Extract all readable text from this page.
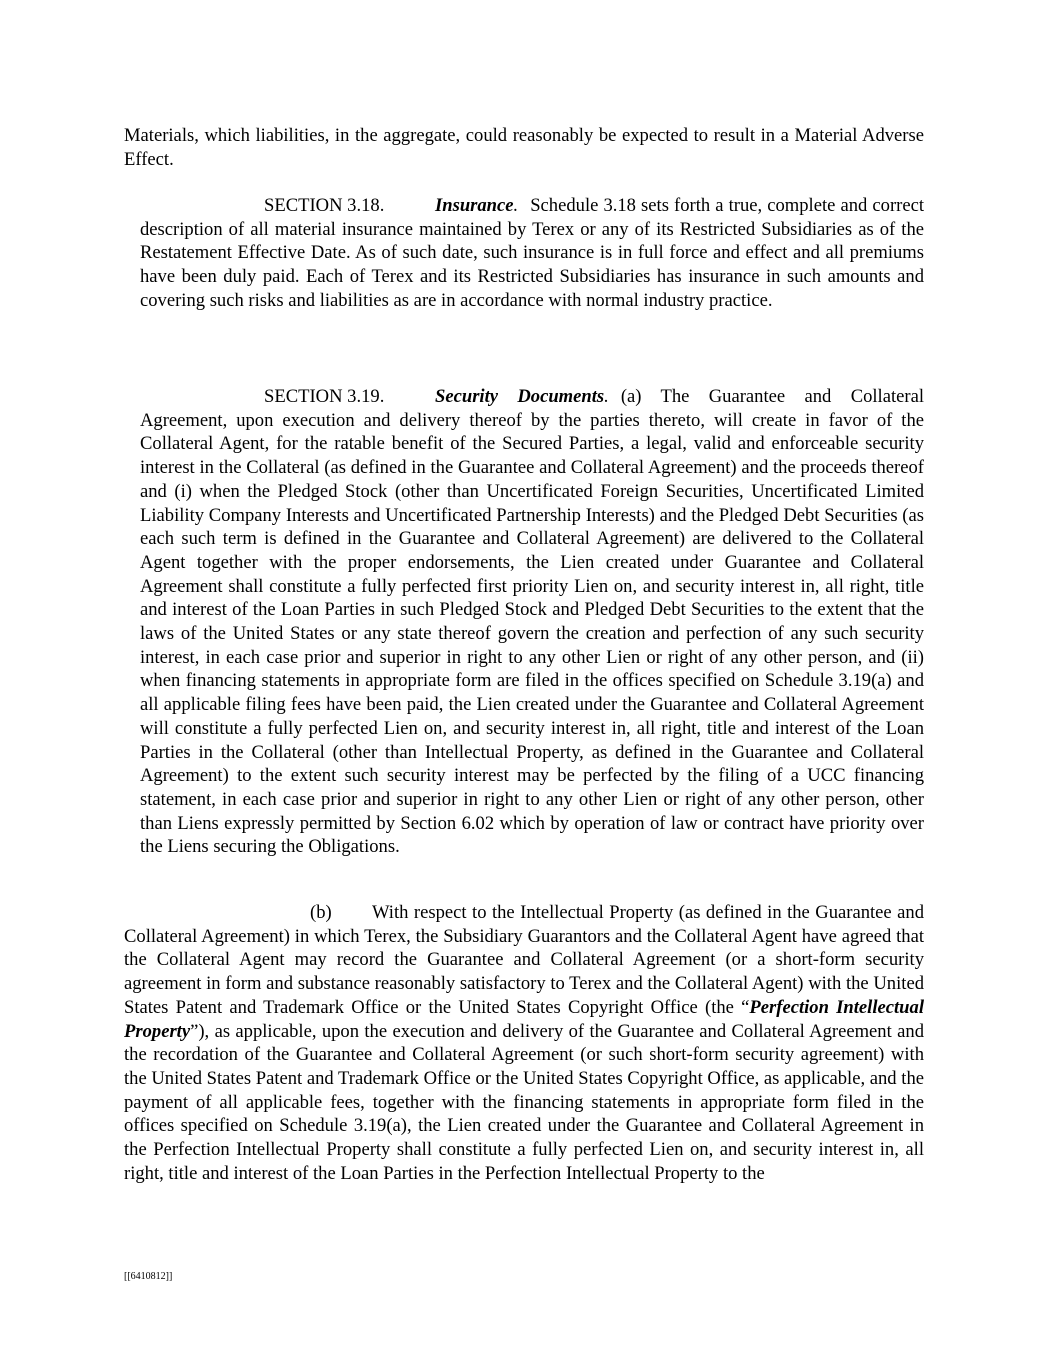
Materials, which liabilities, in the aggregate, could reasonably be expected to result in a Material Adverse Effect.

SECTION 3.18.	Insurance. Schedule 3.18 sets forth a true, complete and correct description of all material insurance maintained by Terex or any of its Restricted Subsidiaries as of the Restatement Effective Date. As of such date, such insurance is in full force and effect and all premiums have been duly paid. Each of Terex and its Restricted Subsidiaries has insurance in such amounts and covering such risks and liabilities as are in accordance with normal industry practice.

SECTION 3.19.	Security Documents. (a) The Guarantee and Collateral Agreement, upon execution and delivery thereof by the parties thereto, will create in favor of the Collateral Agent, for the ratable benefit of the Secured Parties, a legal, valid and enforceable security interest in the Collateral (as defined in the Guarantee and Collateral Agreement) and the proceeds thereof and (i) when the Pledged Stock (other than Uncertificated Foreign Securities, Uncertificated Limited Liability Company Interests and Uncertificated Partnership Interests) and the Pledged Debt Securities (as each such term is defined in the Guarantee and Collateral Agreement) are delivered to the Collateral Agent together with the proper endorsements, the Lien created under Guarantee and Collateral Agreement shall constitute a fully perfected first priority Lien on, and security interest in, all right, title and interest of the Loan Parties in such Pledged Stock and Pledged Debt Securities to the extent that the laws of the United States or any state thereof govern the creation and perfection of any such security interest, in each case prior and superior in right to any other Lien or right of any other person, and (ii) when financing statements in appropriate form are filed in the offices specified on Schedule 3.19(a) and all applicable filing fees have been paid, the Lien created under the Guarantee and Collateral Agreement will constitute a fully perfected Lien on, and security interest in, all right, title and interest of the Loan Parties in the Collateral (other than Intellectual Property, as defined in the Guarantee and Collateral Agreement) to the extent such security interest may be perfected by the filing of a UCC financing statement, in each case prior and superior in right to any other Lien or right of any other person, other than Liens expressly permitted by Section 6.02 which by operation of law or contract have priority over the Liens securing the Obligations.

(b) With respect to the Intellectual Property (as defined in the Guarantee and Collateral Agreement) in which Terex, the Subsidiary Guarantors and the Collateral Agent have agreed that the Collateral Agent may record the Guarantee and Collateral Agreement (or a short-form security agreement in form and substance reasonably satisfactory to Terex and the Collateral Agent) with the United States Patent and Trademark Office or the United States Copyright Office (the “Perfection Intellectual Property”), as applicable, upon the execution and delivery of the Guarantee and Collateral Agreement and the recordation of the Guarantee and Collateral Agreement (or such short-form security agreement) with the United States Patent and Trademark Office or the United States Copyright Office, as applicable, and the payment of all applicable fees, together with the financing statements in appropriate form filed in the offices specified on Schedule 3.19(a), the Lien created under the Guarantee and Collateral Agreement in the Perfection Intellectual Property shall constitute a fully perfected Lien on, and security interest in, all right, title and interest of the Loan Parties in the Perfection Intellectual Property to the

[[6410812]]
